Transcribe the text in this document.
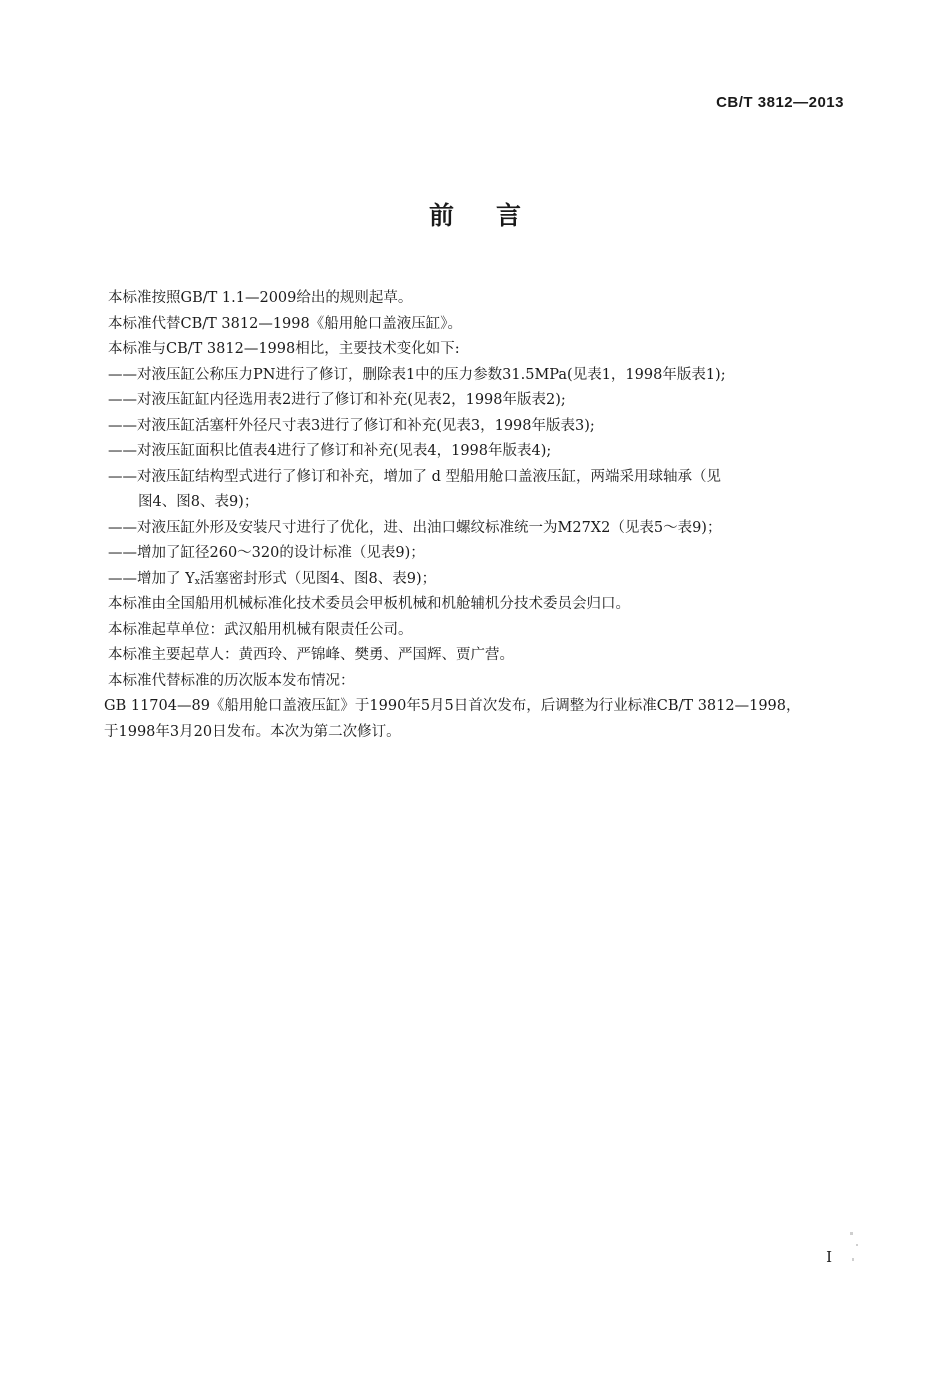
CB/T 3812—2013
前言
本标准按照GB/T 1.1—2009给出的规则起草。
本标准代替CB/T 3812—1998《船用舱口盖液压缸》。
本标准与CB/T 3812—1998相比，主要技术变化如下:
——对液压缸公称压力PN进行了修订，删除表1中的压力参数31.5MPa(见表1，1998年版表1);
——对液压缸缸内径选用表2进行了修订和补充(见表2，1998年版表2);
——对液压缸活塞杆外径尺寸表3进行了修订和补充(见表3，1998年版表3);
——对液压缸面积比值表4进行了修订和补充(见表4，1998年版表4);
——对液压缸结构型式进行了修订和补充，增加了 d 型船用舱口盖液压缸，两端采用球轴承（见
图4、图8、表9)；
——对液压缸外形及安装尺寸进行了优化，进、出油口螺纹标准统一为M27X2（见表5～表9)；
——增加了缸径260～320的设计标准（见表9)；
——增加了 Yx活塞密封形式（见图4、图8、表9)；
本标准由全国船用机械标准化技术委员会甲板机械和机舱辅机分技术委员会归口。
本标准起草单位：武汉船用机械有限责任公司。
本标准主要起草人：黄西玲、严锦峰、樊勇、严国辉、贾广营。
本标准代替标准的历次版本发布情况：
GB 11704—89《船用舱口盖液压缸》于1990年5月5日首次发布，后调整为行业标准CB/T 3812—1998，
于1998年3月20日发布。本次为第二次修订。
I
